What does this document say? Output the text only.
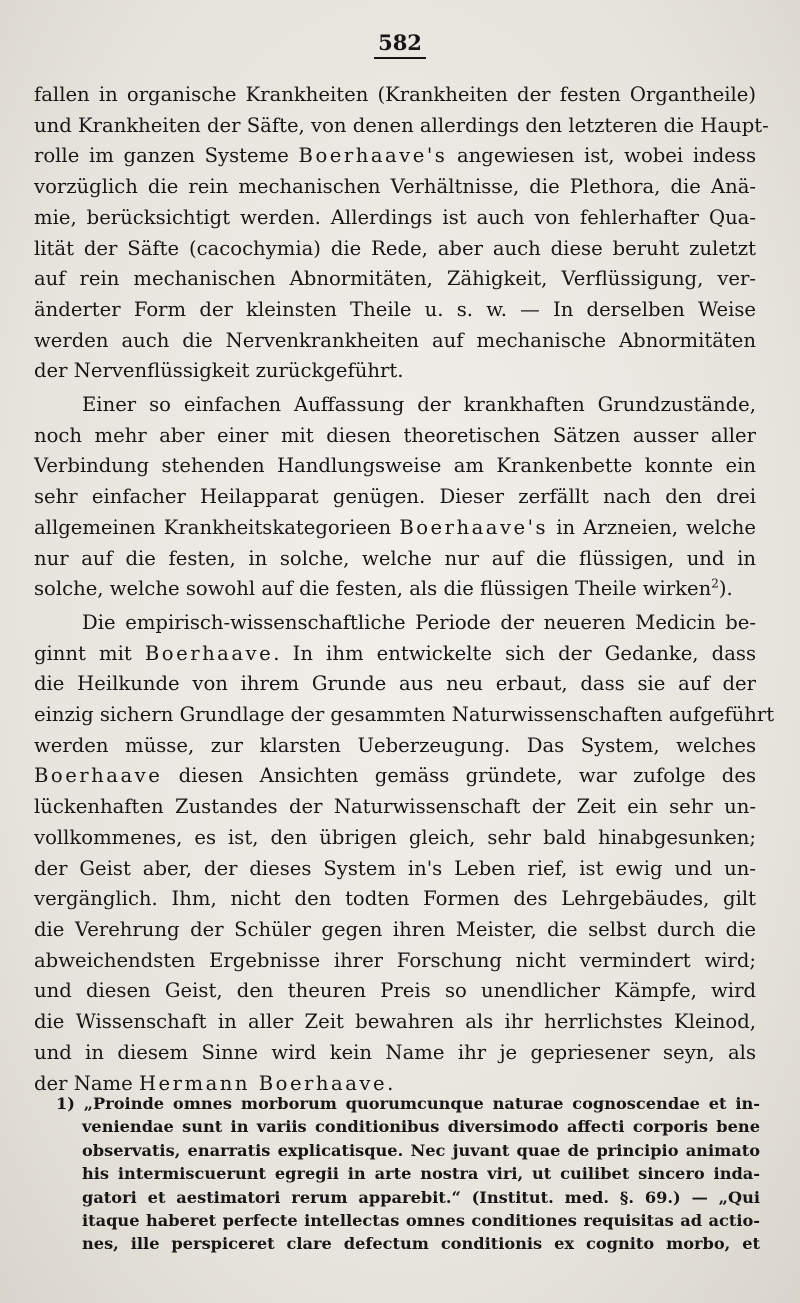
582
fallen in organische Krankheiten (Krankheiten der festen Organtheile)
und Krankheiten der Säfte, von denen allerdings den letzteren die Haupt-
rolle im ganzen Systeme Boerhaave's angewiesen ist, wobei indess
vorzüglich die rein mechanischen Verhältnisse, die Plethora, die Anä-
mie, berücksichtigt werden. Allerdings ist auch von fehlerhafter Qua-
lität der Säfte (cacochymia) die Rede, aber auch diese beruht zuletzt
auf rein mechanischen Abnormitäten, Zähigkeit, Verflüssigung, ver-
änderter Form der kleinsten Theile u. s. w. — In derselben Weise
werden auch die Nervenkrankheiten auf mechanische Abnormitäten
der Nervenflüssigkeit zurückgeführt.
Einer so einfachen Auffassung der krankhaften Grundzustände,
noch mehr aber einer mit diesen theoretischen Sätzen ausser aller
Verbindung stehenden Handlungsweise am Krankenbette konnte ein
sehr einfacher Heilapparat genügen. Dieser zerfällt nach den drei
allgemeinen Krankheitskategorieen Boerhaave's in Arzneien, welche
nur auf die festen, in solche, welche nur auf die flüssigen, und in
solche, welche sowohl auf die festen, als die flüssigen Theile wirken$^2$).
Die empirisch-wissenschaftliche Periode der neueren Medicin be-
ginnt mit Boerhaave. In ihm entwickelte sich der Gedanke, dass
die Heilkunde von ihrem Grunde aus neu erbaut, dass sie auf der
einzig sichern Grundlage der gesammten Naturwissenschaften aufgeführt
werden müsse, zur klarsten Ueberzeugung. Das System, welches
Boerhaave diesen Ansichten gemäss gründete, war zufolge des
lückenhaften Zustandes der Naturwissenschaft der Zeit ein sehr un-
vollkommenes, es ist, den übrigen gleich, sehr bald hinabgesunken;
der Geist aber, der dieses System in's Leben rief, ist ewig und un-
vergänglich. Ihm, nicht den todten Formen des Lehrgebäudes, gilt
die Verehrung der Schüler gegen ihren Meister, die selbst durch die
abweichendsten Ergebnisse ihrer Forschung nicht vermindert wird;
und diesen Geist, den theuren Preis so unendlicher Kämpfe, wird
die Wissenschaft in aller Zeit bewahren als ihr herrlichstes Kleinod,
und in diesem Sinne wird kein Name ihr je gepriesener seyn, als
der Name Hermann Boerhaave.
1) „Proinde omnes morborum quorumcunque naturae cognoscendae et in-
veniendae sunt in variis conditionibus diversimodo affecti corporis bene
observatis, enarratis explicatisque. Nec juvant quae de principio animato
his intermiscuerunt egregii in arte nostra viri, ut cuilibet sincero inda-
gatori et aestimatori rerum apparebit.“ (Institut. med. §. 69.) — „Qui
itaque haberet perfecte intellectas omnes conditiones requisitas ad actio-
nes, ille perspiceret clare defectum conditionis ex cognito morbo, et
